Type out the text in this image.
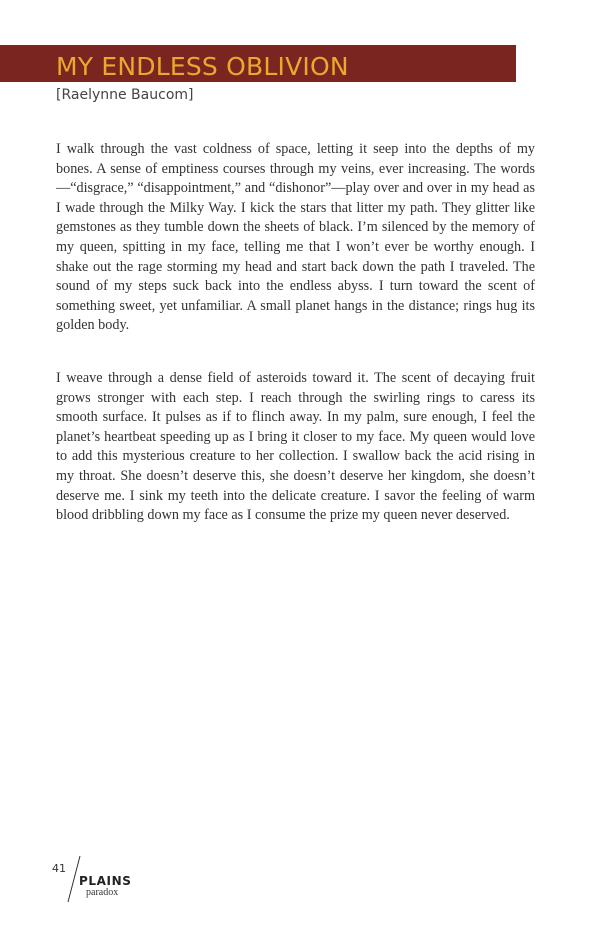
MY ENDLESS OBLIVION
[Raelynne Baucom]

I walk through the vast coldness of space, letting it seep into the depths of my bones. A sense of emptiness courses through my veins, ever increasing. The words—“disgrace,” “disappointment,” and “dishonor”—play over and over in my head as I wade through the Milky Way. I kick the stars that litter my path. They glitter like gemstones as they tumble down the sheets of black. I’m silenced by the memory of my queen, spitting in my face, telling me that I won’t ever be worthy enough. I shake out the rage storming my head and start back down the path I traveled. The sound of my steps suck back into the endless abyss. I turn toward the scent of something sweet, yet unfamiliar. A small planet hangs in the distance; rings hug its golden body.

I weave through a dense field of asteroids toward it. The scent of decaying fruit grows stronger with each step. I reach through the swirling rings to caress its smooth surface. It pulses as if to flinch away. In my palm, sure enough, I feel the planet’s heartbeat speeding up as I bring it closer to my face. My queen would love to add this mysterious creature to her collection. I swallow back the acid rising in my throat. She doesn’t deserve this, she doesn’t deserve her kingdom, she doesn’t deserve me. I sink my teeth into the delicate creature. I savor the feeling of warm blood dribbling down my face as I consume the prize my queen never deserved.

41
PLAINS
paradox
